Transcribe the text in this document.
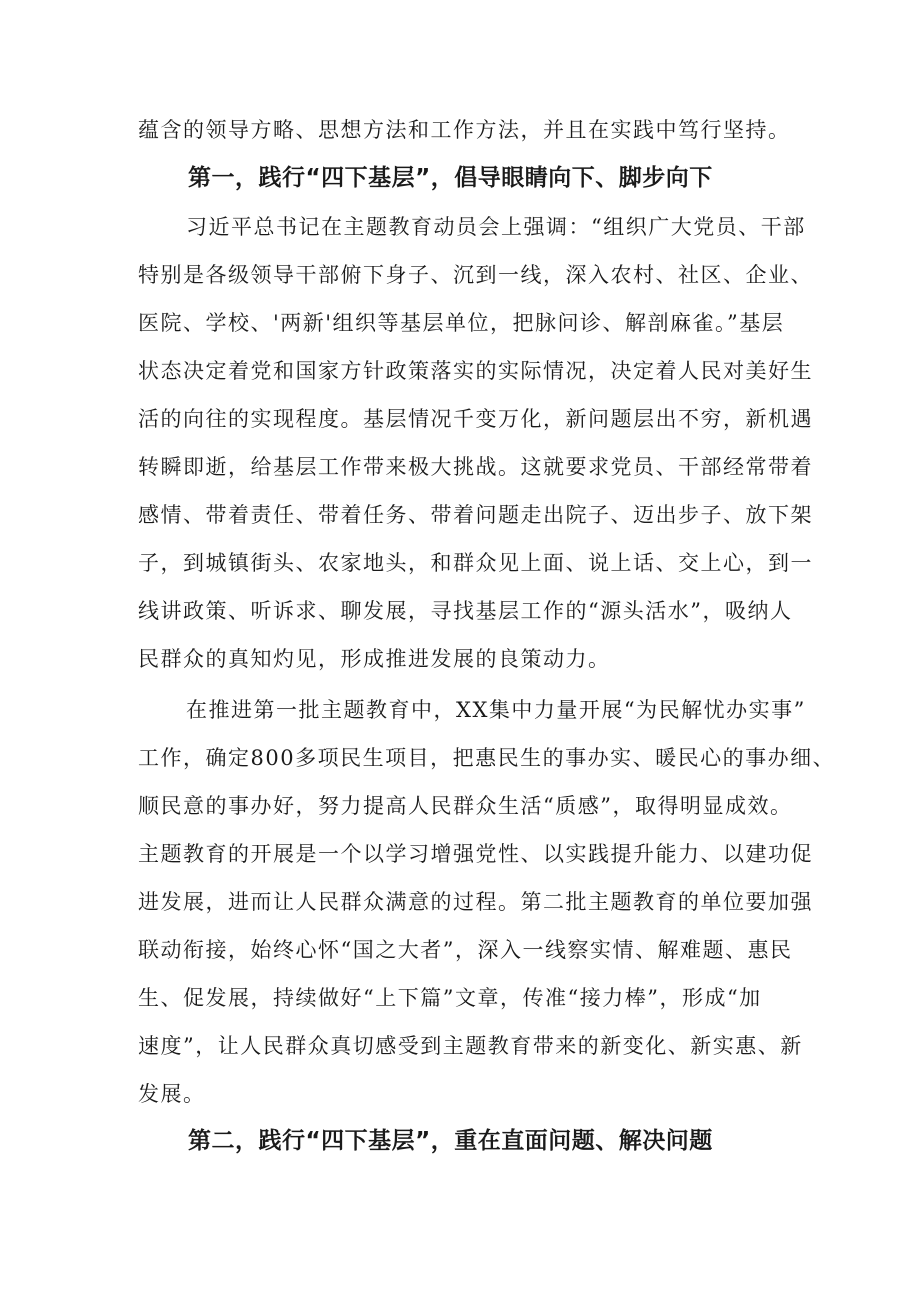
蕴含的领导方略、思想方法和工作方法，并且在实践中笃行坚持。
第一，践行“四下基层”，倡导眼睛向下、脚步向下
习近平总书记在主题教育动员会上强调：“组织广大党员、干部
特别是各级领导干部俯下身子、沉到一线，深入农村、社区、企业、
医院、学校、'两新'组织等基层单位，把脉问诊、解剖麻雀。”基层
状态决定着党和国家方针政策落实的实际情况，决定着人民对美好生
活的向往的实现程度。基层情况千变万化，新问题层出不穷，新机遇
转瞬即逝，给基层工作带来极大挑战。这就要求党员、干部经常带着
感情、带着责任、带着任务、带着问题走出院子、迈出步子、放下架
子，到城镇街头、农家地头，和群众见上面、说上话、交上心，到一
线讲政策、听诉求、聊发展，寻找基层工作的“源头活水”，吸纳人
民群众的真知灼见，形成推进发展的良策动力。
在推进第一批主题教育中，XX集中力量开展“为民解忧办实事”
工作，确定800多项民生项目，把惠民生的事办实、暖民心的事办细、
顺民意的事办好，努力提高人民群众生活“质感”，取得明显成效。
主题教育的开展是一个以学习增强党性、以实践提升能力、以建功促
进发展，进而让人民群众满意的过程。第二批主题教育的单位要加强
联动衔接，始终心怀“国之大者”，深入一线察实情、解难题、惠民
生、促发展，持续做好“上下篇”文章，传准“接力棒”，形成“加
速度”，让人民群众真切感受到主题教育带来的新变化、新实惠、新
发展。
第二，践行“四下基层”，重在直面问题、解决问题
